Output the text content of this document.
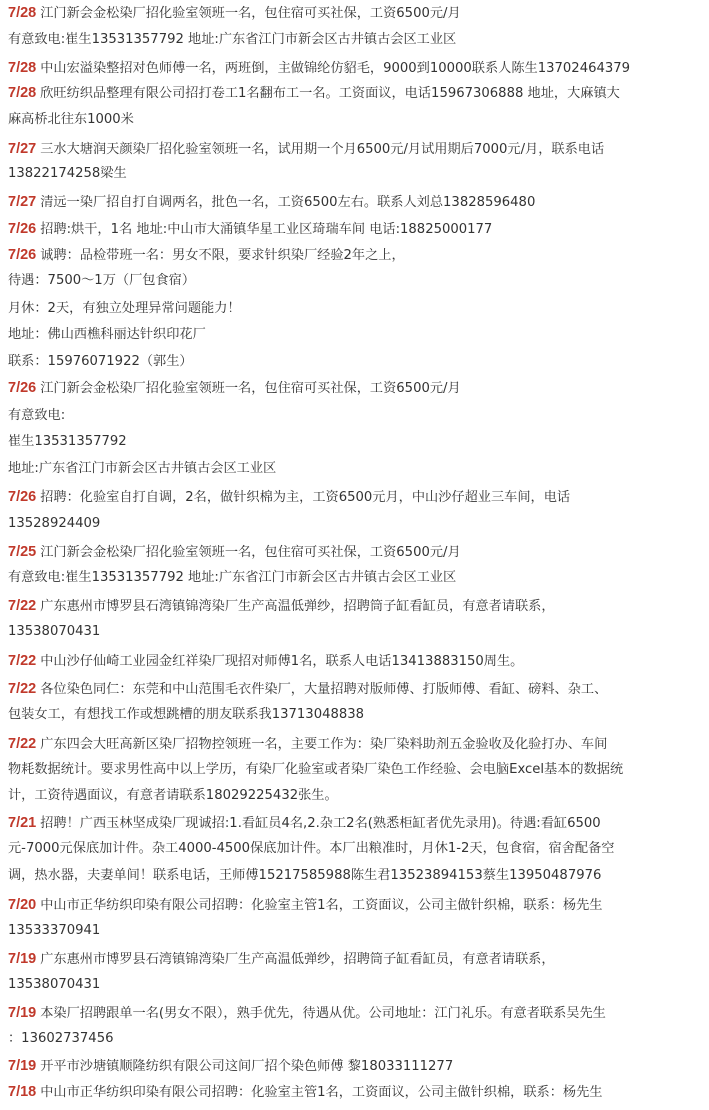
7/28 江门新会金松染厂招化验室领班一名，包住宿可买社保，工资6500元/月
有意致电:崔生13531357792 地址:广东省江门市新会区古井镇古会区工业区
7/28 中山宏溢染整招对色师傅一名，两班倒，主做锦纶仿貂毛，9000到10000联系人陈生13702464379
7/28 欣旺纺织品整理有限公司招打卷工1名翻布工一名。工资面议，电话15967306888 地址，大麻镇大
麻高桥北往东1000米
7/27 三水大塘润天颜染厂招化验室领班一名，试用期一个月6500元/月试用期后7000元/月，联系电话
13822174258梁生
7/27 清远一染厂招自打自调两名，批色一名，工资6500左右。联系人刘总13828596480
7/26 招聘:烘干，1名 地址:中山市大涌镇华星工业区琦瑞车间 电话:18825000177
7/26 诚聘：品检带班一名：男女不限，要求针织染厂经验2年之上，
待遇：7500～1万（厂包食宿）
月休：2天，有独立处理异常问题能力！
地址：佛山西樵科丽达针织印花厂
联系：15976071922（郭生）
7/26 江门新会金松染厂招化验室领班一名，包住宿可买社保，工资6500元/月
有意致电:
崔生13531357792
地址:广东省江门市新会区古井镇古会区工业区
7/26 招聘：化验室自打自调，2名，做针织棉为主，工资6500元月，中山沙仔超业三车间，电话
13528924409
7/25 江门新会金松染厂招化验室领班一名，包住宿可买社保，工资6500元/月
有意致电:崔生13531357792 地址:广东省江门市新会区古井镇古会区工业区
7/22 广东惠州市博罗县石湾镇锦湾染厂生产高温低弹纱，招聘筒子缸看缸员，有意者请联系，
13538070431
7/22 中山沙仔仙崎工业园金红祥染厂现招对师傅1名，联系人电话13413883150周生。
7/22 各位染色同仁：东莞和中山范围毛衣件染厂，大量招聘对版师傅、打版师傅、看缸、磅料、杂工、
包装女工，有想找工作或想跳槽的朋友联系我13713048838
7/22 广东四会大旺高新区染厂招物控领班一名，主要工作为：染厂染料助剂五金验收及化验打办、车间
物耗数据统计。要求男性高中以上学历，有染厂化验室或者染厂染色工作经验、会电脑Excel基本的数据统
计，工资待遇面议，有意者请联系18029225432张生。
7/21 招聘！广西玉林坚成染厂现诚招:1.看缸员4名,2.杂工2名(熟悉柜缸者优先录用)。待遇:看缸6500
元-7000元保底加计件。杂工4000-4500保底加计件。本厂出粮准时，月休1-2天，包食宿，宿舍配备空
调，热水器，夫妻单间！联系电话，王师傅15217585988陈生君13523894153蔡生13950487976
7/20 中山市正华纺织印染有限公司招聘：化验室主管1名，工资面议，公司主做针织棉，联系：杨先生
13533370941
7/19 广东惠州市博罗县石湾镇锦湾染厂生产高温低弹纱，招聘筒子缸看缸员，有意者请联系，
13538070431
7/19 本染厂招聘跟单一名(男女不限），熟手优先，待遇从优。公司地址：江门礼乐。有意者联系吴先生
：13602737456
7/19 开平市沙塘镇顺隆纺织有限公司这间厂招个染色师傅 黎18033111277
7/18 中山市正华纺织印染有限公司招聘：化验室主管1名，工资面议，公司主做针织棉，联系：杨先生
